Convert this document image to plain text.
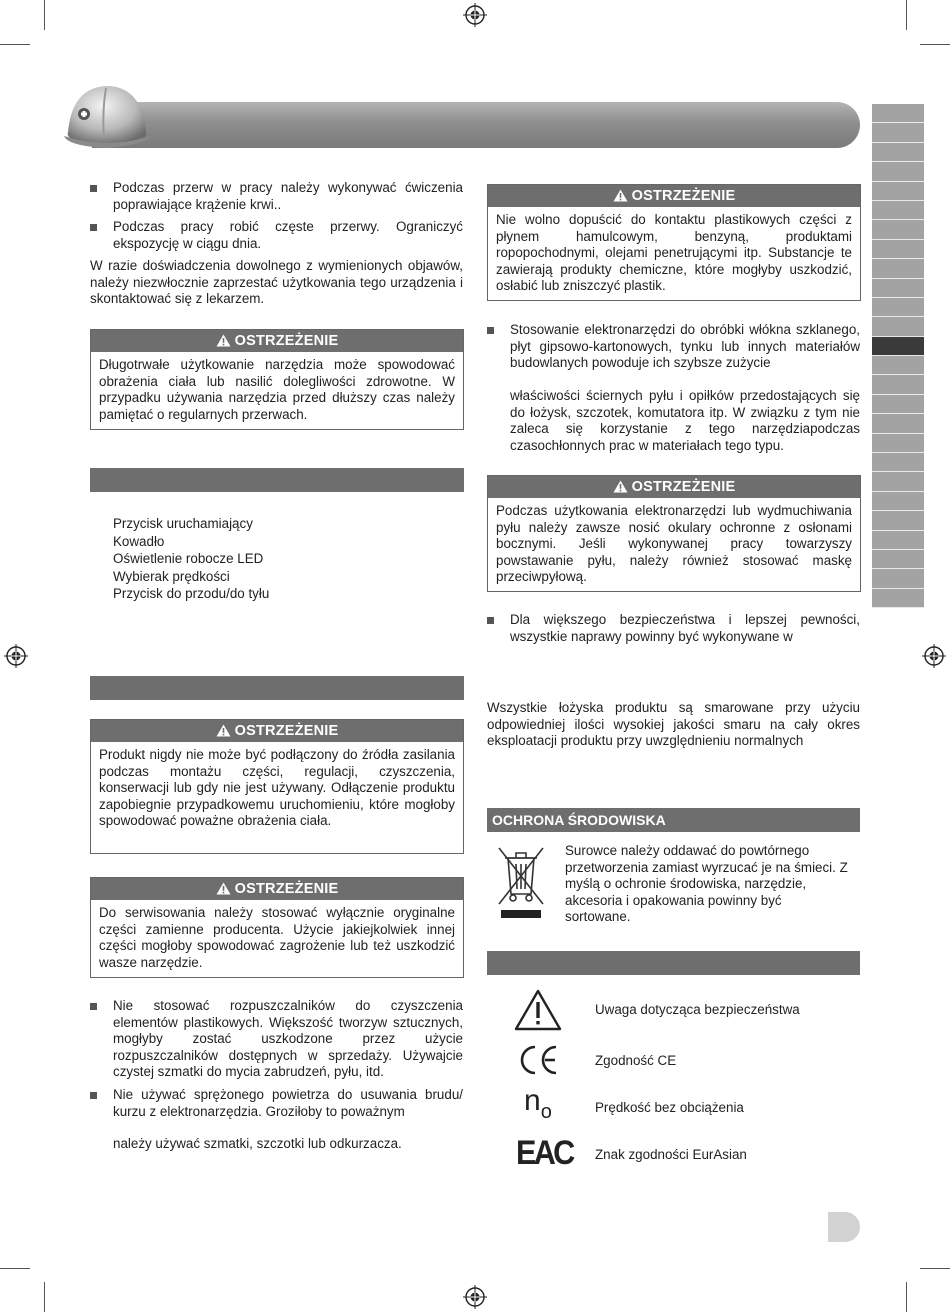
Podczas przerw w pracy należy wykonywać ćwiczenia poprawiające krążenie krwi..
Podczas pracy robić częste przerwy. Ograniczyć ekspozycję w ciągu dnia.
W razie doświadczenia dowolnego z wymienionych objawów, należy niezwłocznie zaprzestać użytkowania tego urządzenia i skontaktować się z lekarzem.
OSTRZEŻENIE
Długotrwałe użytkowanie narzędzia może spowodować obrażenia ciała lub nasilić dolegliwości zdrowotne. W przypadku używania narzędzia przed dłuższy czas należy pamiętać o regularnych przerwach.
Przycisk uruchamiający
Kowadło
Oświetlenie robocze LED
Wybierak prędkości
Przycisk do przodu/do tyłu
OSTRZEŻENIE
Produkt nigdy nie może być podłączony do źródła zasilania podczas montażu części, regulacji, czyszczenia, konserwacji lub gdy nie jest używany. Odłączenie produktu zapobiegnie przypadkowemu uruchomieniu, które mogłoby spowodować poważne obrażenia ciała.
OSTRZEŻENIE
Do serwisowania należy stosować wyłącznie oryginalne części zamienne producenta. Użycie jakiejkolwiek innej części mogłoby spowodować zagrożenie lub też uszkodzić wasze narzędzie.
Nie stosować rozpuszczalników do czyszczenia elementów plastikowych. Większość tworzyw sztucznych, mogłyby zostać uszkodzone przez użycie rozpuszczalników dostępnych w sprzedaży. Używajcie czystej szmatki do mycia zabrudzeń, pyłu, itd.
Nie używać sprężonego powietrza do usuwania brudu/ kurzu z elektronarzędzia. Groziłoby to poważnym
należy używać szmatki, szczotki lub odkurzacza.
OSTRZEŻENIE
Nie wolno dopuścić do kontaktu plastikowych części z płynem hamulcowym, benzyną, produktami ropopochodnymi, olejami penetrującymi itp. Substancje te zawierają produkty chemiczne, które mogłyby uszkodzić, osłabić lub zniszczyć plastik.
Stosowanie elektronarzędzi do obróbki włókna szklanego, płyt gipsowo-kartonowych, tynku lub innych materiałów budowlanych powoduje ich szybsze zużycie
właściwości ściernych pyłu i opiłków przedostających się do łożysk, szczotek, komutatora itp. W związku z tym nie zaleca się korzystanie z tego narzędziapodczas czasochłonnych prac w materiałach tego typu.
OSTRZEŻENIE
Podczas użytkowania elektronarzędzi lub wydmuchiwania pyłu należy zawsze nosić okulary ochronne z osłonami bocznymi. Jeśli wykonywanej pracy towarzyszy powstawanie pyłu, należy również stosować maskę przeciwpyłową.
Dla większego bezpieczeństwa i lepszej pewności, wszystkie naprawy powinny być wykonywane w
Wszystkie łożyska produktu są smarowane przy użyciu odpowiedniej ilości wysokiej jakości smaru na cały okres eksploatacji produktu przy uwzględnieniu normalnych
OCHRONA ŚRODOWISKA
Surowce należy oddawać do powtórnego przetworzenia zamiast wyrzucać je na śmieci. Z myślą o ochronie środowiska, narzędzie, akcesoria i opakowania powinny być sortowane.
Uwaga dotycząca bezpieczeństwa
Zgodność CE
$n_o$	Prędkość bez obciążenia
EAC Znak zgodności EurAsian
